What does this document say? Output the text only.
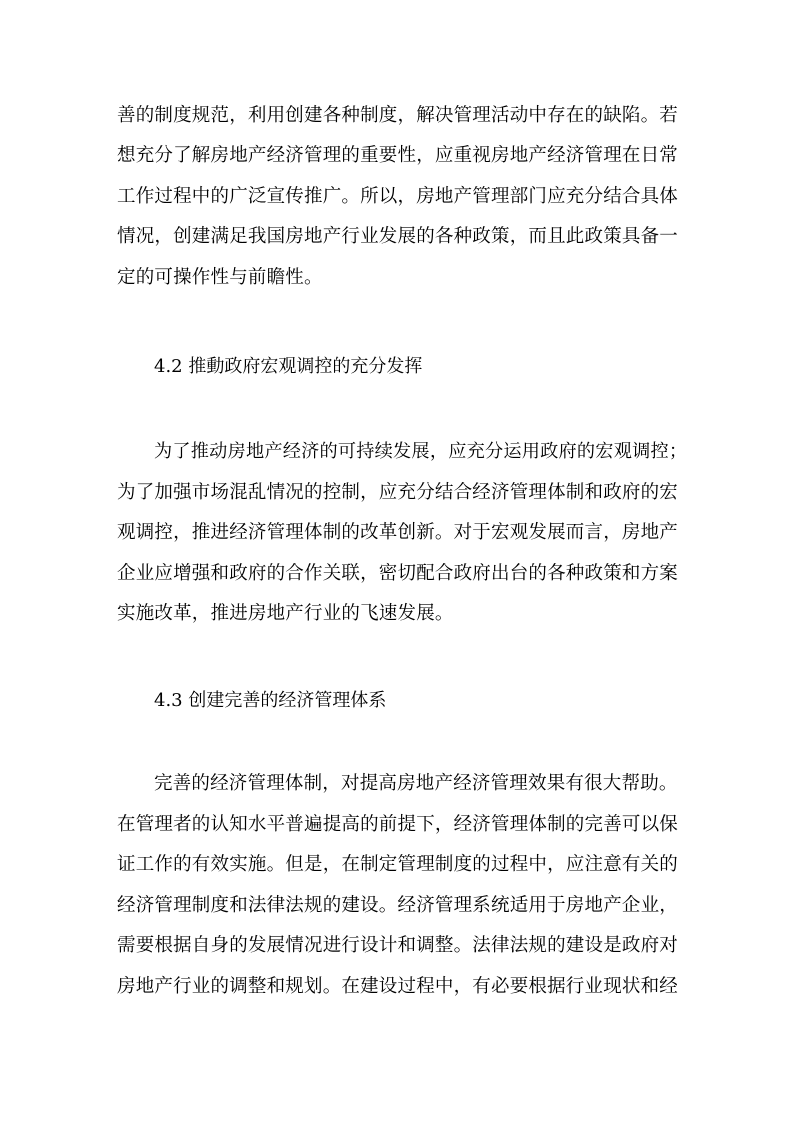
善的制度规范，利用创建各种制度，解决管理活动中存在的缺陷。若
想充分了解房地产经济管理的重要性，应重视房地产经济管理在日常
工作过程中的广泛宣传推广。所以，房地产管理部门应充分结合具体
情况，创建满足我国房地产行业发展的各种政策，而且此政策具备一
定的可操作性与前瞻性。
4.2 推動政府宏观调控的充分发挥
为了推动房地产经济的可持续发展，应充分运用政府的宏观调控；
为了加强市场混乱情况的控制，应充分结合经济管理体制和政府的宏
观调控，推进经济管理体制的改革创新。对于宏观发展而言，房地产
企业应增强和政府的合作关联，密切配合政府出台的各种政策和方案
实施改革，推进房地产行业的飞速发展。
4.3 创建完善的经济管理体系
完善的经济管理体制，对提高房地产经济管理效果有很大帮助。
在管理者的认知水平普遍提高的前提下，经济管理体制的完善可以保
证工作的有效实施。但是，在制定管理制度的过程中，应注意有关的
经济管理制度和法律法规的建设。经济管理系统适用于房地产企业，
需要根据自身的发展情况进行设计和调整。法律法规的建设是政府对
房地产行业的调整和规划。在建设过程中，有必要根据行业现状和经
